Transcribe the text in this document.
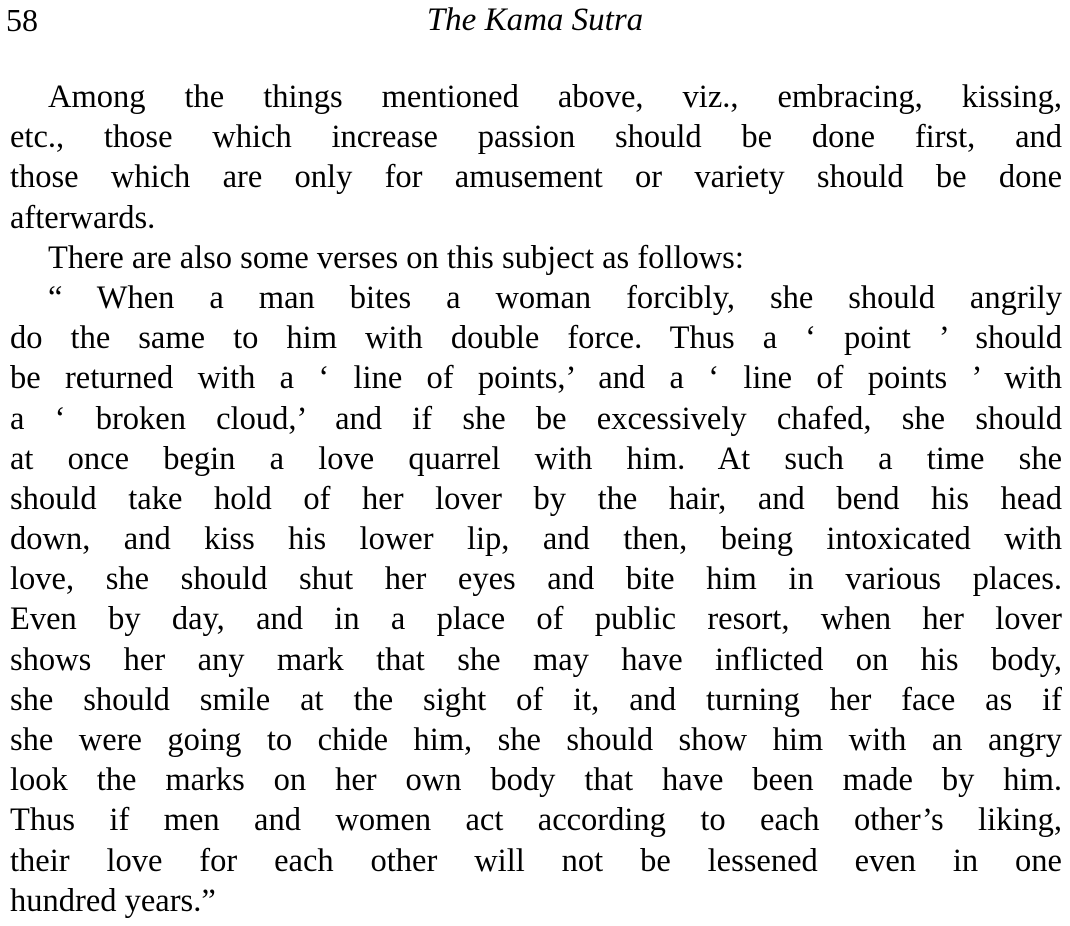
58	The Kama Sutra
Among the things mentioned above, viz., embracing, kissing,
etc., those which increase passion should be done first, and
those which are only for amusement or variety should be done
afterwards.
There are also some verses on this subject as follows:
“ When a man bites a woman forcibly, she should angrily
do the same to him with double force. Thus a ‘ point ’ should
be returned with a ‘ line of points,’ and a ‘ line of points ’ with
a ‘ broken cloud,’ and if she be excessively chafed, she should
at once begin a love quarrel with him. At such a time she
should take hold of her lover by the hair, and bend his head
down, and kiss his lower lip, and then, being intoxicated with
love, she should shut her eyes and bite him in various places.
Even by day, and in a place of public resort, when her lover
shows her any mark that she may have inflicted on his body,
she should smile at the sight of it, and turning her face as if
she were going to chide him, she should show him with an angry
look the marks on her own body that have been made by him.
Thus if men and women act according to each other’s liking,
their love for each other will not be lessened even in one
hundred years.”
